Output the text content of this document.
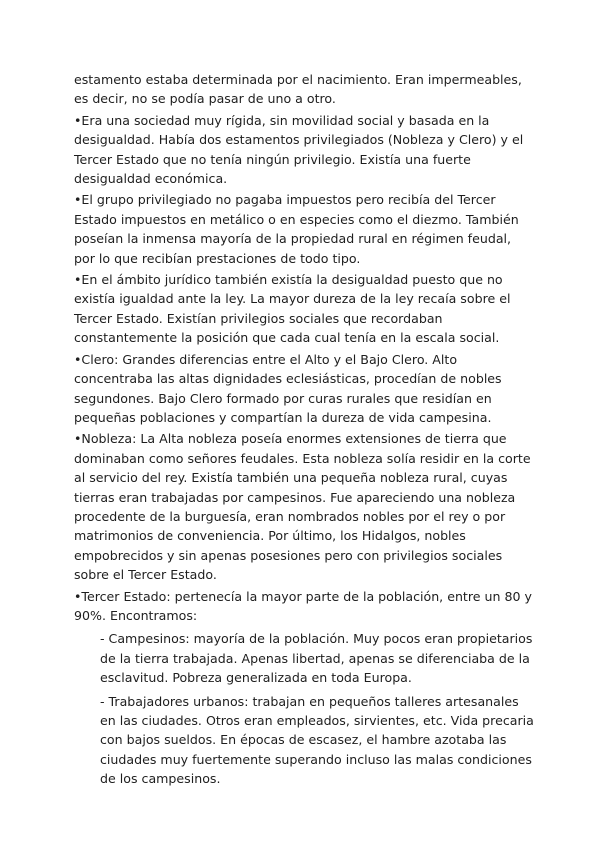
estamento estaba determinada por el nacimiento. Eran impermeables, es decir, no se podía pasar de uno a otro.

•Era una sociedad muy rígida, sin movilidad social y basada en la desigualdad. Había dos estamentos privilegiados (Nobleza y Clero) y el Tercer Estado que no tenía ningún privilegio. Existía una fuerte desigualdad económica.

•El grupo privilegiado no pagaba impuestos pero recibía del Tercer Estado impuestos en metálico o en especies como el diezmo. También poseían la inmensa mayoría de la propiedad rural en régimen feudal, por lo que recibían prestaciones de todo tipo.

•En el ámbito jurídico también existía la desigualdad puesto que no existía igualdad ante la ley. La mayor dureza de la ley recaía sobre el Tercer Estado. Existían privilegios sociales que recordaban constantemente la posición que cada cual tenía en la escala social.

•Clero: Grandes diferencias entre el Alto y el Bajo Clero. Alto concentraba las altas dignidades eclesiásticas, procedían de nobles segundones. Bajo Clero formado por curas rurales que residían en pequeñas poblaciones y compartían la dureza de vida campesina.

•Nobleza: La Alta nobleza poseía enormes extensiones de tierra que dominaban como señores feudales. Esta nobleza solía residir en la corte al servicio del rey. Existía también una pequeña nobleza rural, cuyas tierras eran trabajadas por campesinos. Fue apareciendo una nobleza procedente de la burguesía, eran nombrados nobles por el rey o por matrimonios de conveniencia. Por último, los Hidalgos, nobles empobrecidos y sin apenas posesiones pero con privilegios sociales sobre el Tercer Estado.

•Tercer Estado: pertenecía la mayor parte de la población, entre un 80 y 90%. Encontramos:

- Campesinos: mayoría de la población. Muy pocos eran propietarios de la tierra trabajada. Apenas libertad, apenas se diferenciaba de la esclavitud. Pobreza generalizada en toda Europa.

- Trabajadores urbanos: trabajan en pequeños talleres artesanales en las ciudades. Otros eran empleados, sirvientes, etc. Vida precaria con bajos sueldos. En épocas de escasez, el hambre azotaba las ciudades muy fuertemente superando incluso las malas condiciones de los campesinos.
